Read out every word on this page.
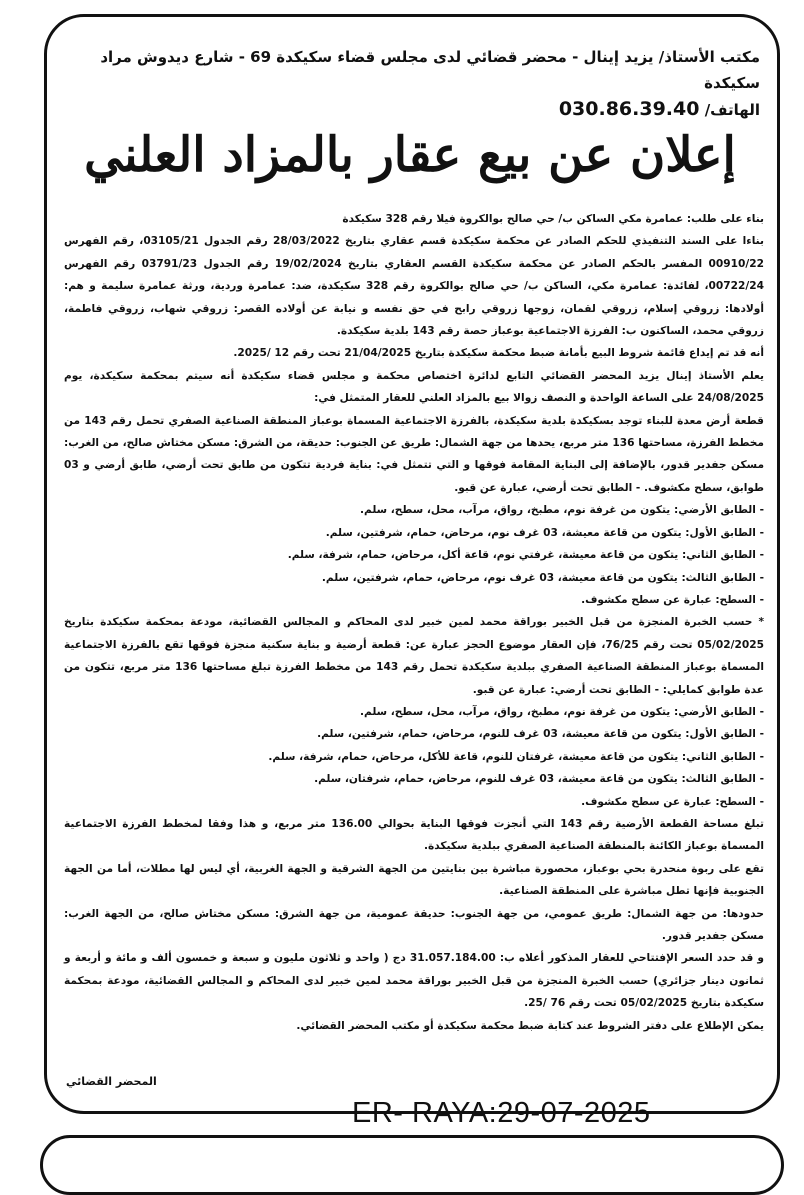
مكتب الأستاذ/ يزيد إينال - محضر قضائي لدى مجلس قضاء سكيكدة 69 - شارع ديدوش مراد سكيكدة
الهاتف/ 030.86.39.40
إعلان عن بيع عقار بالمزاد العلني

بناء على طلب: عمامرة مكي الساكن ب/ حي صالح بوالكروة فيلا رقم 328 سكيكدة

بناءا على السند التنفيذي للحكم الصادر عن محكمة سكيكدة قسم عقاري بتاريخ 28/03/2022 رقم الجدول 03105/21، رقم الفهرس 00910/22 المفسر بالحكم الصادر عن محكمة سكيكدة القسم العقاري بتاريخ 19/02/2024 رقم الجدول 03791/23 رقم الفهرس 00722/24، لفائدة: عمامرة مكي، الساكن ب/ حي صالح بوالكروة رقم 328 سكيكدة، ضد: عمامرة وردية، ورثة عمامرة سليمة و هم: أولادها: زروقي إسلام، زروقي لقمان، زوجها زروقي رابح في حق نفسه و نيابة عن أولاده القصر: زروقي شهاب، زروقي فاطمة، زروقي محمد، الساكنون ب: الفرزة الاجتماعية بوعباز حصة رقم 143 بلدية سكيكدة.

أنه قد تم إيداع قائمة شروط البيع بأمانة ضبط محكمة سكيكدة بتاريخ 21/04/2025 تحت رقم 12 /2025.

يعلم الأستاذ إينال يزيد المحضر القضائي التابع لدائرة اختصاص محكمة و مجلس قضاء سكيكدة أنه سيتم بمحكمة سكيكدة، يوم 24/08/2025 على الساعة الواحدة و النصف زوالا بيع بالمزاد العلني للعقار المتمثل في:

قطعة أرض معدة للبناء توجد بسكيكدة بلدية سكيكدة، بالفرزة الاجتماعية المسماة بوعباز المنطقة الصناعية الصفري تحمل رقم 143 من مخطط الفرزة، مساحتها 136 متر مربع، يحدها من جهة الشمال: طريق عن الجنوب: حديقة، من الشرق: مسكن مختاش صالح، من الغرب: مسكن جفدير قدور، بالإضافة إلى البناية المقامة فوقها و التي تتمثل في: بناية فردية تتكون من طابق تحت أرضي، طابق أرضي و 03 طوابق، سطح مكشوف. - الطابق تحت أرضي، عبارة عن قبو.

- الطابق الأرضي: يتكون من غرفة نوم، مطبخ، رواق، مرآب، محل، سطح، سلم.

- الطابق الأول: يتكون من قاعة معيشة، 03 غرف نوم، مرحاض، حمام، شرفتين، سلم.

- الطابق الثاني: يتكون من قاعة معيشة، غرفتي نوم، قاعة أكل، مرحاض، حمام، شرفة، سلم.

- الطابق الثالث: يتكون من قاعة معيشة، 03 غرف نوم، مرحاض، حمام، شرفتين، سلم.

- السطح: عبارة عن سطح مكشوف.

* حسب الخبرة المنجزة من قبل الخبير بوراقة محمد لمين خبير لدى المحاكم و المجالس القضائية، مودعة بمحكمة سكيكدة بتاريخ 05/02/2025 تحت رقم 76/25، فإن العقار موضوع الحجز عبارة عن: قطعة أرضية و بناية سكنية منجزة فوقها تقع بالفرزة الاجتماعية المسماة بوعباز المنطقة الصناعية الصفري ببلدية سكيكدة تحمل رقم 143 من مخطط الفرزة تبلغ مساحتها 136 متر مربع، تتكون من عدة طوابق كمايلي: - الطابق تحت أرضي: عبارة عن قبو.

- الطابق الأرضي: يتكون من غرفة نوم، مطبخ، رواق، مرآب، محل، سطح، سلم.

- الطابق الأول: يتكون من قاعة معيشة، 03 غرف للنوم، مرحاض، حمام، شرفتين، سلم.

- الطابق الثاني: يتكون من قاعة معيشة، غرفتان للنوم، قاعة للأكل، مرحاض، حمام، شرفة، سلم.

- الطابق الثالث: يتكون من قاعة معيشة، 03 غرف للنوم، مرحاض، حمام، شرفتان، سلم.

- السطح: عبارة عن سطح مكشوف.

تبلغ مساحة القطعة الأرضية رقم 143 التي أنجزت فوقها البناية بحوالي 136.00 متر مربع، و هذا وفقا لمخطط الفرزة الاجتماعية المسماة بوعباز الكائنة بالمنطقة الصناعية الصفري ببلدية سكيكدة.

تقع على ربوة منحدرة بحي بوعباز، محصورة مباشرة بين بنايتين من الجهة الشرقية و الجهة الغربية، أي ليس لها مطلات، أما من الجهة الجنوبية فإنها تطل مباشرة على المنطقة الصناعية.

حدودها: من جهة الشمال: طريق عمومي، من جهة الجنوب: حديقة عمومية، من جهة الشرق: مسكن مختاش صالح، من الجهة الغرب: مسكن جفدير قدور.

و قد حدد السعر الإفتتاحي للعقار المذكور أعلاه ب: 31.057.184.00 دج ( واحد و ثلاثون مليون و سبعة و خمسون ألف و مائة و أربعة و ثمانون دينار جزائري) حسب الخبرة المنجزة من قبل الخبير بوراقة محمد لمين خبير لدى المحاكم و المجالس القضائية، مودعة بمحكمة سكيكدة بتاريخ 05/02/2025 تحت رقم 76 /25.

يمكن الإطلاع على دفتر الشروط عند كتابة ضبط محكمة سكيكدة أو مكتب المحضر القضائي.

المحضر القضائي
ER- RAYA:29-07-2025
